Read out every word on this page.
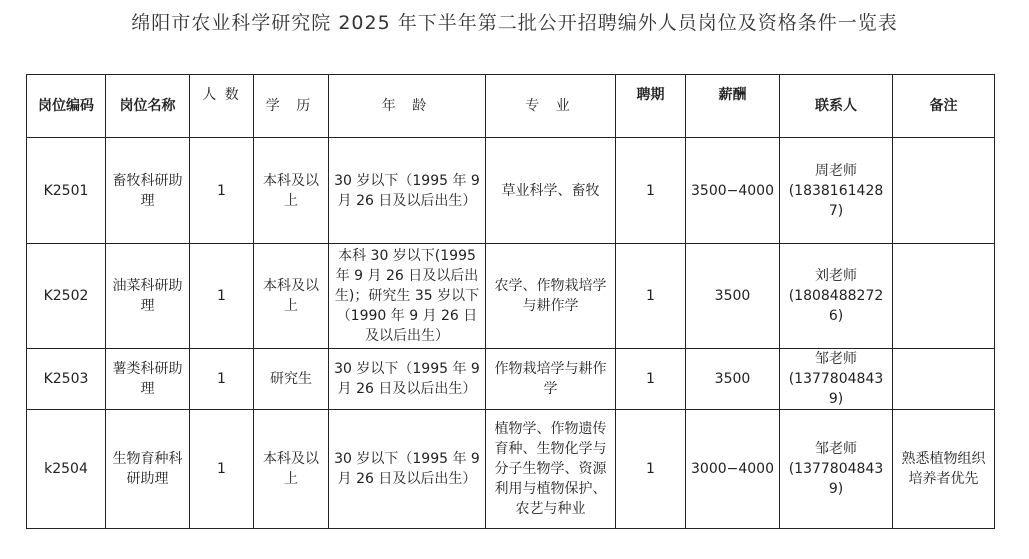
绵阳市农业科学研究院 2025 年下半年第二批公开招聘编外人员岗位及资格条件一览表
岗位编码	岗位名称	人 数	学 历	年 龄	专 业	聘期	薪酬	联系人	备注
K2501	畜牧科研助理	1	本科及以上	30 岁以下（1995 年 9 月 26 日及以后出生）	草业科学、畜牧	1	3500−4000	周老师
(18381614287)	

K2502	油菜科研助理	1	本科及以上	本科 30 岁以下(1995 年 9 月 26 日及以后出生)；研究生 35 岁以下（1990 年 9 月 26 日及以后出生）	农学、作物栽培学与耕作学	1	3500	刘老师
(18084882726)	

K2503	薯类科研助理	1	研究生	30 岁以下（1995 年 9 月 26 日及以后出生）	作物栽培学与耕作学	1	3500	邹老师
(13778048439)	

k2504	生物育种科研助理	1	本科及以上	30 岁以下（1995 年 9 月 26 日及以后出生）	植物学、作物遗传育种、生物化学与分子生物学、资源利用与植物保护、农艺与种业	1	3000−4000	邹老师
(13778048439)	熟悉植物组织培养者优先
